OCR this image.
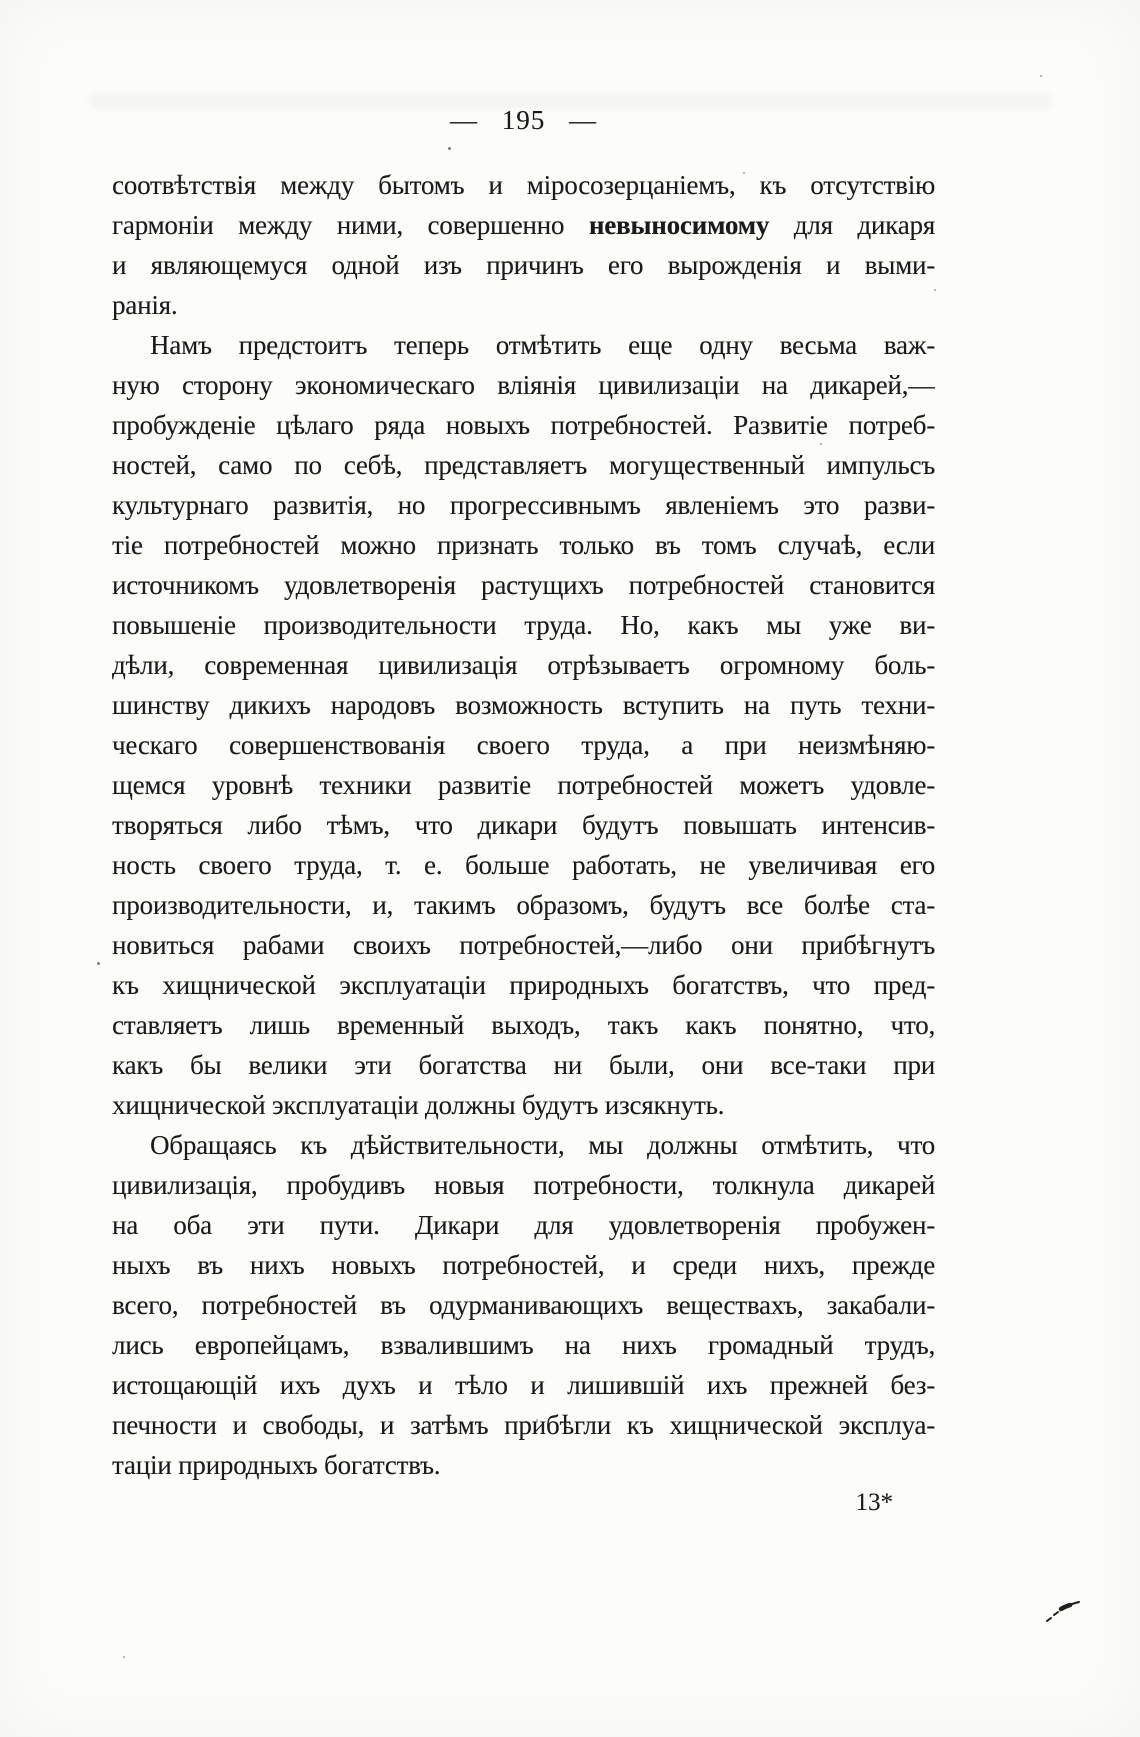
— 195 —
соотвѣтствія между бытомъ и міросозерцаніемъ, къ отсутствію
гармоніи между ними, совершенно невыносимому для дикаря
и являющемуся одной изъ причинъ его вырожденія и выми-
ранія.
Намъ предстоитъ теперь отмѣтить еще одну весьма важ-
ную сторону экономическаго вліянія цивилизаціи на дикарей,—
пробужденіе цѣлаго ряда новыхъ потребностей. Развитіе потреб-
ностей, само по себѣ, представляетъ могущественный импульсъ
культурнаго развитія, но прогрессивнымъ явленіемъ это разви-
тіе потребностей можно признать только въ томъ случаѣ, если
источникомъ удовлетворенія растущихъ потребностей становится
повышеніе производительности труда. Но, какъ мы уже ви-
дѣли, современная цивилизація отрѣзываетъ огромному боль-
шинству дикихъ народовъ возможность вступить на путь техни-
ческаго совершенствованія своего труда, а при неизмѣняю-
щемся уровнѣ техники развитіе потребностей можетъ удовле-
творяться либо тѣмъ, что дикари будутъ повышать интенсив-
ность своего труда, т. е. больше работать, не увеличивая его
производительности, и, такимъ образомъ, будутъ все болѣе ста-
новиться рабами своихъ потребностей,—либо они прибѣгнутъ
къ хищнической эксплуатаціи природныхъ богатствъ, что пред-
ставляетъ лишь временный выходъ, такъ какъ понятно, что,
какъ бы велики эти богатства ни были, они все-таки при
хищнической эксплуатаціи должны будутъ изсякнуть.
Обращаясь къ дѣйствительности, мы должны отмѣтить, что
цивилизація, пробудивъ новыя потребности, толкнула дикарей
на оба эти пути. Дикари для удовлетворенія пробужен-
ныхъ въ нихъ новыхъ потребностей, и среди нихъ, прежде
всего, потребностей въ одурманивающихъ веществахъ, закабали-
лись европейцамъ, взвалившимъ на нихъ громадный трудъ,
истощающій ихъ духъ и тѣло и лишившій ихъ прежней без-
печности и свободы, и затѣмъ прибѣгли къ хищнической эксплуа-
таціи природныхъ богатствъ.
13*
